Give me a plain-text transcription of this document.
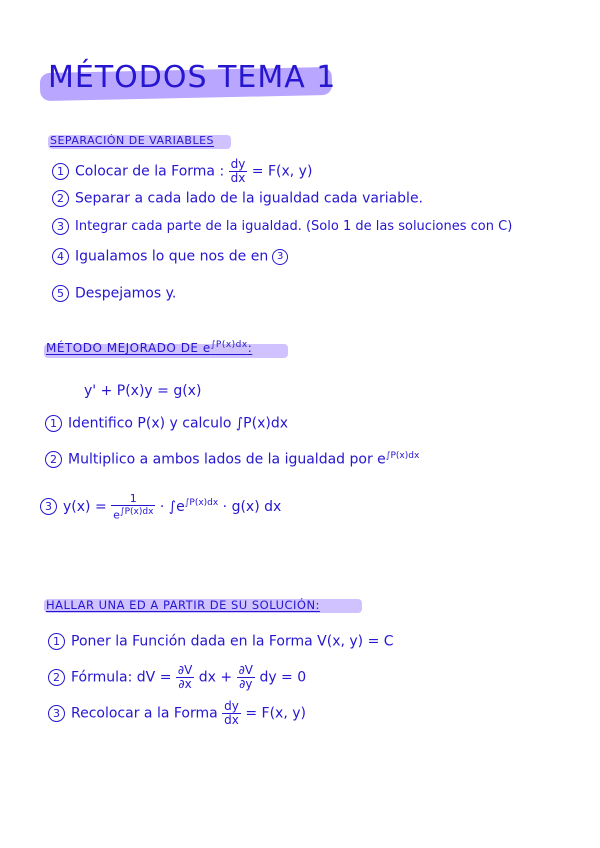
MÉTODOS TEMA 1
SEPARACIÓN DE VARIABLES
1 Colocar de la Forma : $\frac{dy}{dx} = F(x$, y)
2 Separar a cada lado de la igualdad cada variable.
3 Integrar cada parte de la igualdad. (Solo 1 de las soluciones con C)
4 Igualamos lo que nos de en 3
5 Despejamos y.
MÉTODO MEJORADO DE $e^{\int P(x)dx}$:
y' + P(x)y = g(x)
1 Identifico P(x) y calculo ∫P(x)dx
2 Multiplico a ambos lados de la igualdad por $e^{\int P(x)dx}$
3 $y(x) = \frac{1}{e^{\int P(x)dx}} \cdot \int e^{\int P(x)dx} \cdot g(x)$ dx
HALLAR UNA ED A PARTIR DE SU SOLUCIÓN:
1 Poner la Función dada en la Forma V(x, y) = C
2 Fórmula: dV = $\frac{\partial V}{\partial x}$ dx + $\frac{\partial V}{\partial y}$ dy = 0
3 Recolocar a la Forma $\frac{dy}{dx} = F(x$, y)
